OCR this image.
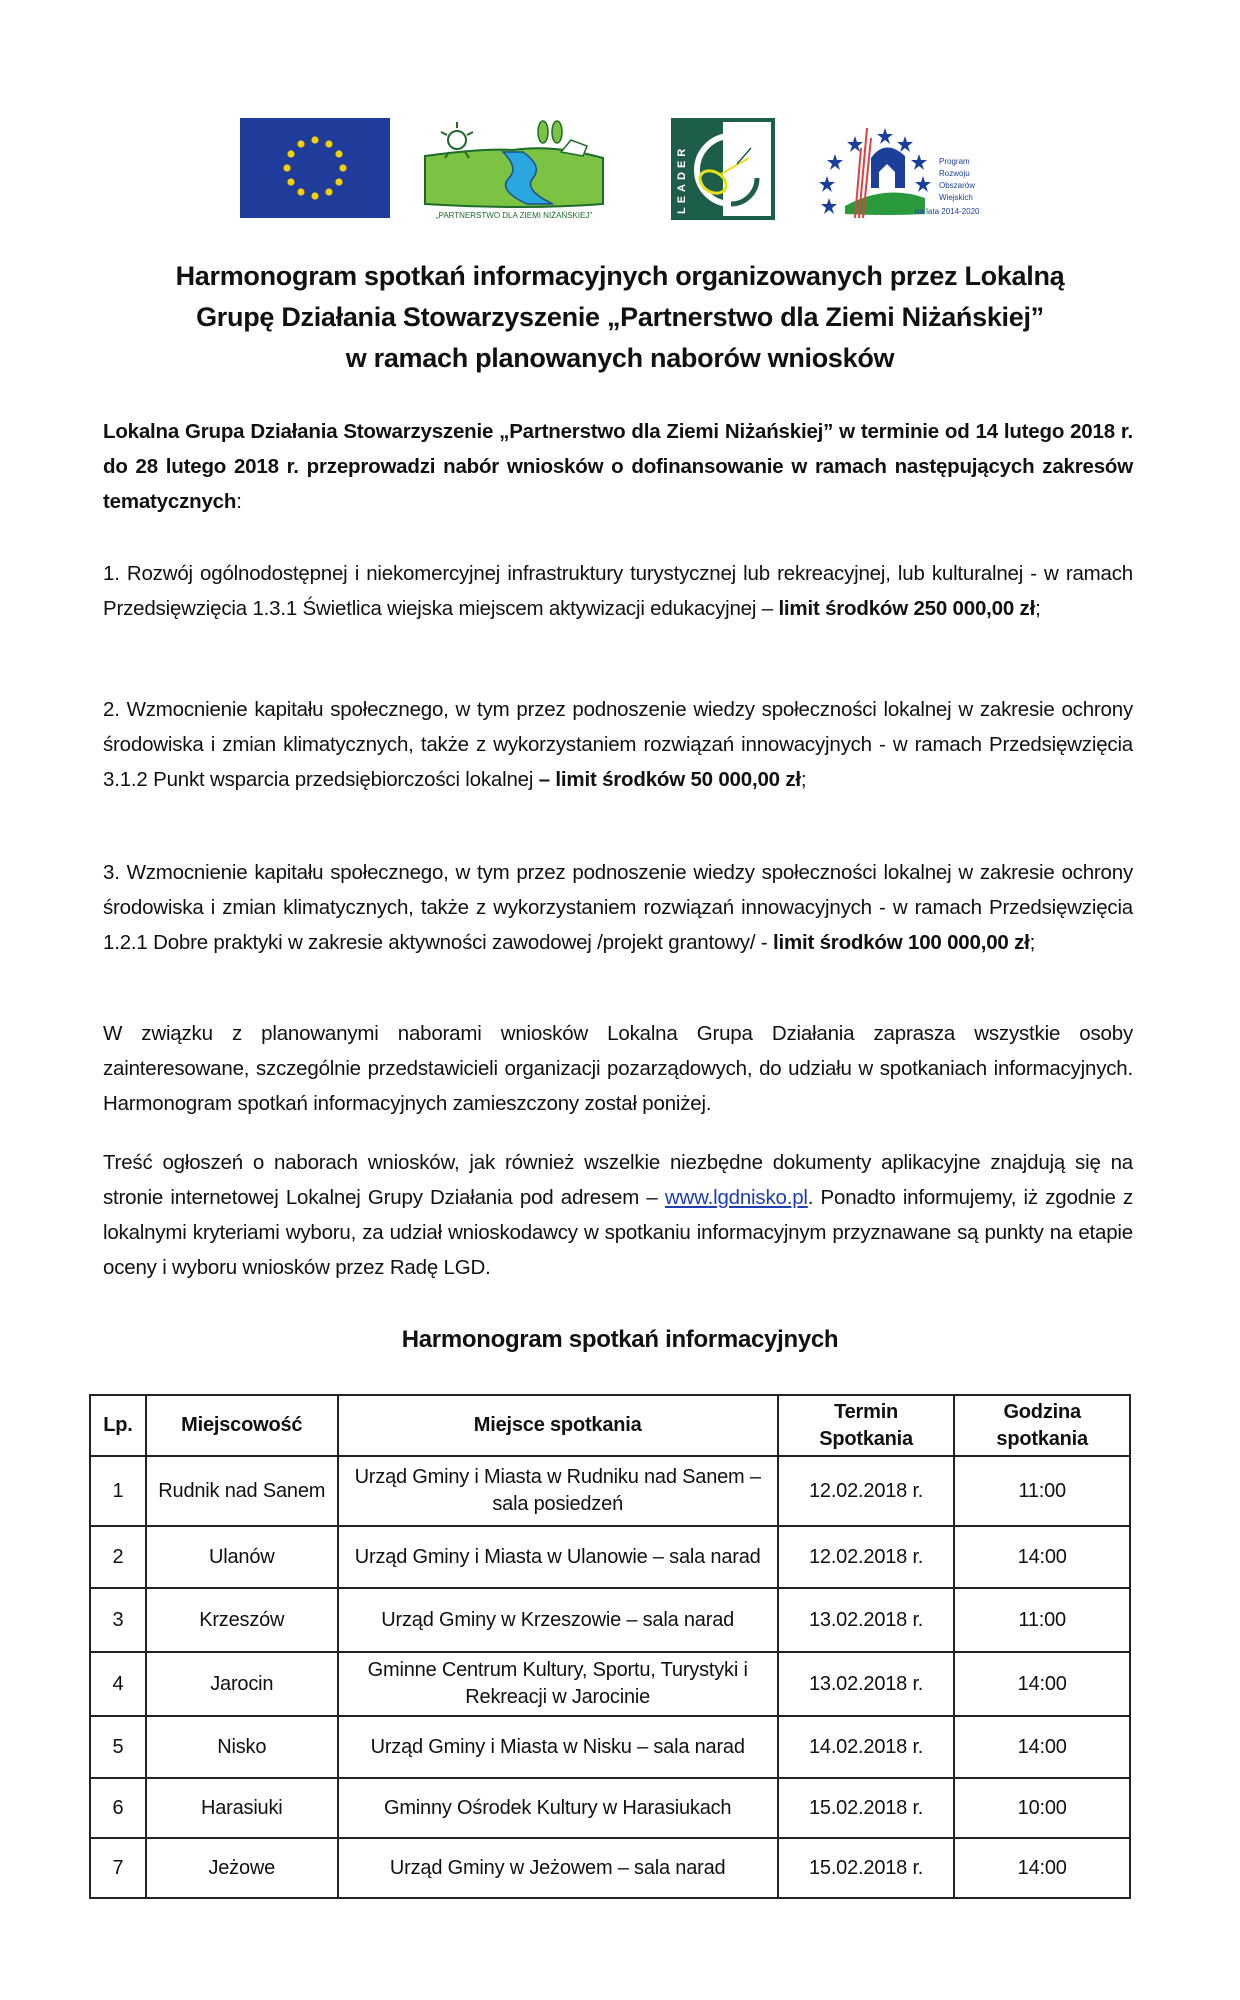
„PARTNERSTWO DLA ZIEMI NIŻAŃSKIEJ”
LEADER	Program
Rozwoju
Obszarów
Wiejskich
na lata 2014-2020
Harmonogram spotkań informacyjnych organizowanych przez Lokalną
Grupę Działania Stowarzyszenie „Partnerstwo dla Ziemi Niżańskiej”
w ramach planowanych naborów wniosków
Lokalna Grupa Działania Stowarzyszenie „Partnerstwo dla Ziemi Niżańskiej” w terminie od 14 lutego 2018 r. do 28 lutego 2018 r. przeprowadzi nabór wniosków o dofinansowanie w ramach następujących zakresów tematycznych:
1. Rozwój ogólnodostępnej i niekomercyjnej infrastruktury turystycznej lub rekreacyjnej, lub kulturalnej - w ramach Przedsięwzięcia 1.3.1 Świetlica wiejska miejscem aktywizacji edukacyjnej – limit środków 250 000,00 zł;
2. Wzmocnienie kapitału społecznego, w tym przez podnoszenie wiedzy społeczności lokalnej w zakresie ochrony środowiska i zmian klimatycznych, także z wykorzystaniem rozwiązań innowacyjnych - w ramach Przedsięwzięcia 3.1.2 Punkt wsparcia przedsiębiorczości lokalnej – limit środków 50 000,00 zł;
3. Wzmocnienie kapitału społecznego, w tym przez podnoszenie wiedzy społeczności lokalnej w zakresie ochrony środowiska i zmian klimatycznych, także z wykorzystaniem rozwiązań innowacyjnych - w ramach Przedsięwzięcia 1.2.1 Dobre praktyki w zakresie aktywności zawodowej /projekt grantowy/ - limit środków 100 000,00 zł;
W związku z planowanymi naborami wniosków Lokalna Grupa Działania zaprasza wszystkie osoby zainteresowane, szczególnie przedstawicieli organizacji pozarządowych, do udziału w spotkaniach informacyjnych. Harmonogram spotkań informacyjnych zamieszczony został poniżej.
Treść ogłoszeń o naborach wniosków, jak również wszelkie niezbędne dokumenty aplikacyjne znajdują się na stronie internetowej Lokalnej Grupy Działania pod adresem – www.lgdnisko.pl. Ponadto informujemy, iż zgodnie z lokalnymi kryteriami wyboru, za udział wnioskodawcy w spotkaniu informacyjnym przyznawane są punkty na etapie oceny i wyboru wniosków przez Radę LGD.
Harmonogram spotkań informacyjnych
Lp.	Miejscowość	Miejsce spotkania	Termin Spotkania	Godzina spotkania
1	Rudnik nad Sanem	Urząd Gminy i Miasta w Rudniku nad Sanem – sala posiedzeń	12.02.2018 r.	11:00
2	Ulanów	Urząd Gminy i Miasta w Ulanowie – sala narad	12.02.2018 r.	14:00
3	Krzeszów	Urząd Gminy w Krzeszowie – sala narad	13.02.2018 r.	11:00
4	Jarocin	Gminne Centrum Kultury, Sportu, Turystyki i Rekreacji w Jarocinie	13.02.2018 r.	14:00
5	Nisko	Urząd Gminy i Miasta w Nisku – sala narad	14.02.2018 r.	14:00
6	Harasiuki	Gminny Ośrodek Kultury w Harasiukach	15.02.2018 r.	10:00
7	Jeżowe	Urząd Gminy w Jeżowem – sala narad	15.02.2018 r.	14:00
